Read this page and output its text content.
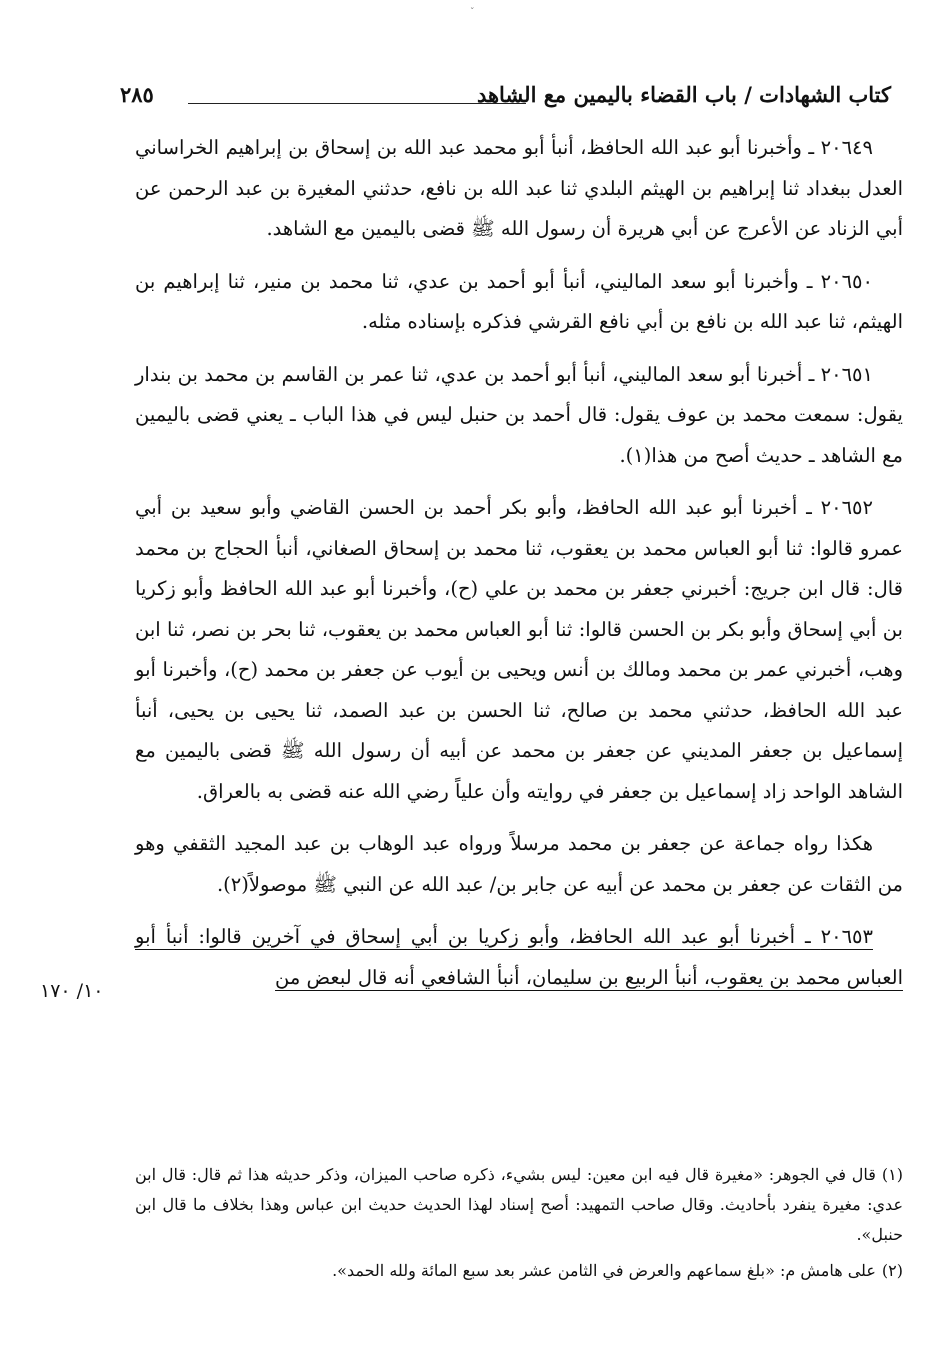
ˇ
كتاب الشهادات / باب القضاء باليمين مع الشاهد
٢٨٥

٢٠٦٤٩ ـ وأخبرنا أبو عبد الله الحافظ، أنبأ أبو محمد عبد الله بن إسحاق بن إبراهيم الخراساني العدل ببغداد ثنا إبراهيم بن الهيثم البلدي ثنا عبد الله بن نافع، حدثني المغيرة بن عبد الرحمن عن أبي الزناد عن الأعرج عن أبي هريرة أن رسول الله ﷺ قضى باليمين مع الشاهد.

٢٠٦٥٠ ـ وأخبرنا أبو سعد الماليني، أنبأ أبو أحمد بن عدي، ثنا محمد بن منير، ثنا إبراهيم بن الهيثم، ثنا عبد الله بن نافع بن أبي نافع القرشي فذكره بإسناده مثله.

٢٠٦٥١ ـ أخبرنا أبو سعد الماليني، أنبأ أبو أحمد بن عدي، ثنا عمر بن القاسم بن محمد بن بندار يقول: سمعت محمد بن عوف يقول: قال أحمد بن حنبل ليس في هذا الباب ـ يعني قضى باليمين مع الشاهد ـ حديث أصح من هذا(١).

٢٠٦٥٢ ـ أخبرنا أبو عبد الله الحافظ، وأبو بكر أحمد بن الحسن القاضي وأبو سعيد بن أبي عمرو قالوا: ثنا أبو العباس محمد بن يعقوب، ثنا محمد بن إسحاق الصغاني، أنبأ الحجاج بن محمد قال: قال ابن جريج: أخبرني جعفر بن محمد بن علي (ح)، وأخبرنا أبو عبد الله الحافظ وأبو زكريا بن أبي إسحاق وأبو بكر بن الحسن قالوا: ثنا أبو العباس محمد بن يعقوب، ثنا بحر بن نصر، ثنا ابن وهب، أخبرني عمر بن محمد ومالك بن أنس ويحيى بن أيوب عن جعفر بن محمد (ح)، وأخبرنا أبو عبد الله الحافظ، حدثني محمد بن صالح، ثنا الحسن بن عبد الصمد، ثنا يحيى بن يحيى، أنبأ إسماعيل بن جعفر المديني عن جعفر بن محمد عن أبيه أن رسول الله ﷺ قضى باليمين مع الشاهد الواحد زاد إسماعيل بن جعفر في روايته وأن علياً رضي الله عنه قضى به بالعراق.

هكذا رواه جماعة عن جعفر بن محمد مرسلاً ورواه عبد الوهاب بن عبد المجيد الثقفي وهو من الثقات عن جعفر بن محمد عن أبيه عن جابر بن/ عبد الله عن النبي ﷺ موصولاً(٢).

٢٠٦٥٣ ـ أخبرنا أبو عبد الله الحافظ، وأبو زكريا بن أبي إسحاق في آخرين قالوا: أنبأ أبو العباس محمد بن يعقوب، أنبأ الربيع بن سليمان، أنبأ الشافعي أنه قال لبعض من

١٠/ ١٧٠

(١)قال في الجوهر: «مغيرة قال فيه ابن معين: ليس بشيء، ذكره صاحب الميزان، وذكر حديثه هذا ثم قال: قال ابن عدي: مغيرة ينفرد بأحاديث. وقال صاحب التمهيد: أصح إسناد لهذا الحديث حديث ابن عباس وهذا بخلاف ما قال ابن حنبل».

(٢)على هامش م: «بلغ سماعهم والعرض في الثامن عشر بعد سبع المائة ولله الحمد».
